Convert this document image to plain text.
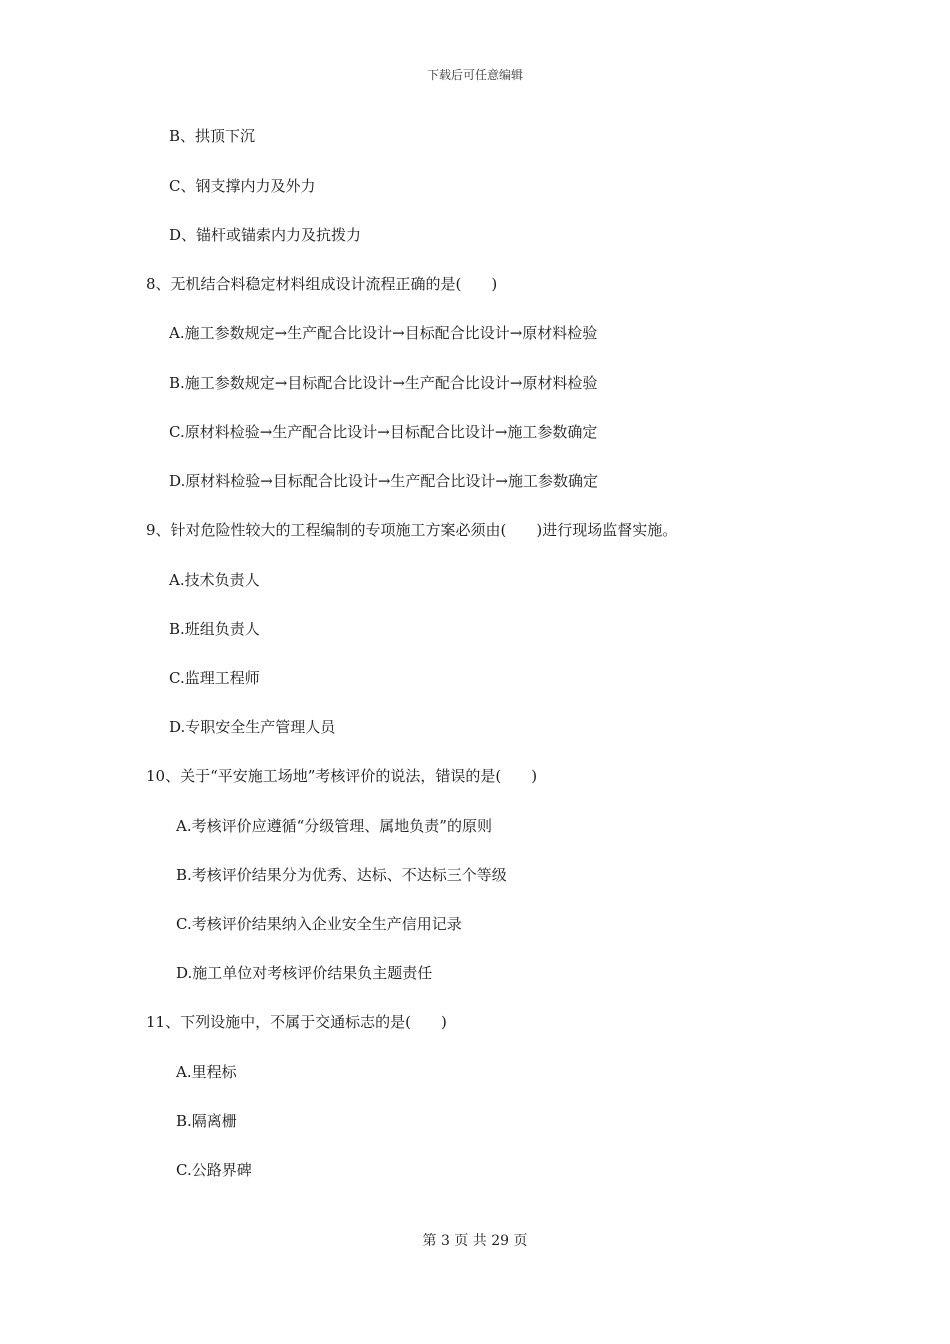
下载后可任意编辑
B、拱顶下沉
C、钢支撑内力及外力
D、锚杆或锚索内力及抗拨力
8、无机结合料稳定材料组成设计流程正确的是(　　)
A.施工参数规定→生产配合比设计→目标配合比设计→原材料检验
B.施工参数规定→目标配合比设计→生产配合比设计→原材料检验
C.原材料检验→生产配合比设计→目标配合比设计→施工参数确定
D.原材料检验→目标配合比设计→生产配合比设计→施工参数确定
9、针对危险性较大的工程编制的专项施工方案必须由(　　)进行现场监督实施。
A.技术负责人
B.班组负责人
C.监理工程师
D.专职安全生产管理人员
10、关于“平安施工场地”考核评价的说法，错误的是(　　)
A.考核评价应遵循“分级管理、属地负责”的原则
B.考核评价结果分为优秀、达标、不达标三个等级
C.考核评价结果纳入企业安全生产信用记录
D.施工单位对考核评价结果负主题责任
11、下列设施中，不属于交通标志的是(　　)
A.里程标
B.隔离栅
C.公路界碑
第 3 页 共 29 页
